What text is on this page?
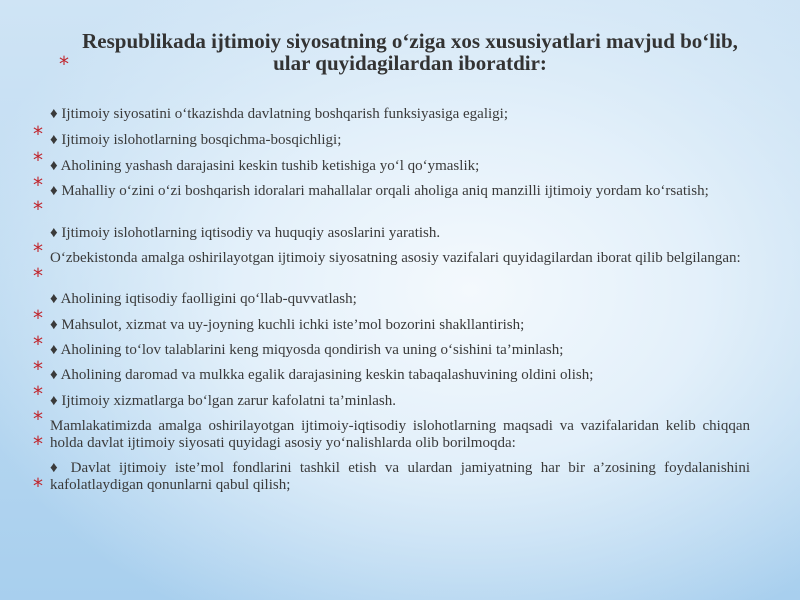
*
Respublikada ijtimoiy siyosatning o‘ziga xos xususiyatlari mavjud bo‘lib, ular quyidagilardan iboratdir:
*
*
*
*
*
*
*
*
*
*
*
*
*
♦ Ijtimoiy siyosatini o‘tkazishda davlatning boshqarish funksiyasiga egaligi;
♦ Ijtimoiy islohotlarning bosqichma-bosqichligi;
♦ Aholining yashash darajasini keskin tushib ketishiga yo‘l qo‘ymaslik;
♦ Mahalliy o‘zini o‘zi boshqarish idoralari mahallalar orqali aholiga aniq manzilli ijtimoiy yordam ko‘rsatish;
♦ Ijtimoiy islohotlarning iqtisodiy va huquqiy asoslarini yaratish.
O‘zbekistonda amalga oshirilayotgan ijtimoiy siyosatning asosiy vazifalari quyidagilardan iborat qilib belgilangan:
♦ Aholining iqtisodiy faolligini qo‘llab-quvvatlash;
♦ Mahsulot, xizmat va uy-joyning kuchli ichki iste’mol bozorini shakllantirish;
♦ Aholining to‘lov talablarini keng miqyosda qondirish va uning o‘sishini ta’minlash;
♦ Aholining daromad va mulkka egalik darajasining keskin tabaqalashuvining oldini olish;
♦ Ijtimoiy xizmatlarga bo‘lgan zarur kafolatni ta’minlash.
Mamlakatimizda amalga oshirilayotgan ijtimoiy-iqtisodiy islohotlarning maqsadi va vazifalaridan kelib chiqqan holda davlat ijtimoiy siyosati quyidagi asosiy yo‘nalishlarda olib borilmoqda:
♦ Davlat ijtimoiy iste’mol fondlarini tashkil etish va ulardan jamiyatning har bir a’zosining foydalanishini kafolatlaydigan qonunlarni qabul qilish;
